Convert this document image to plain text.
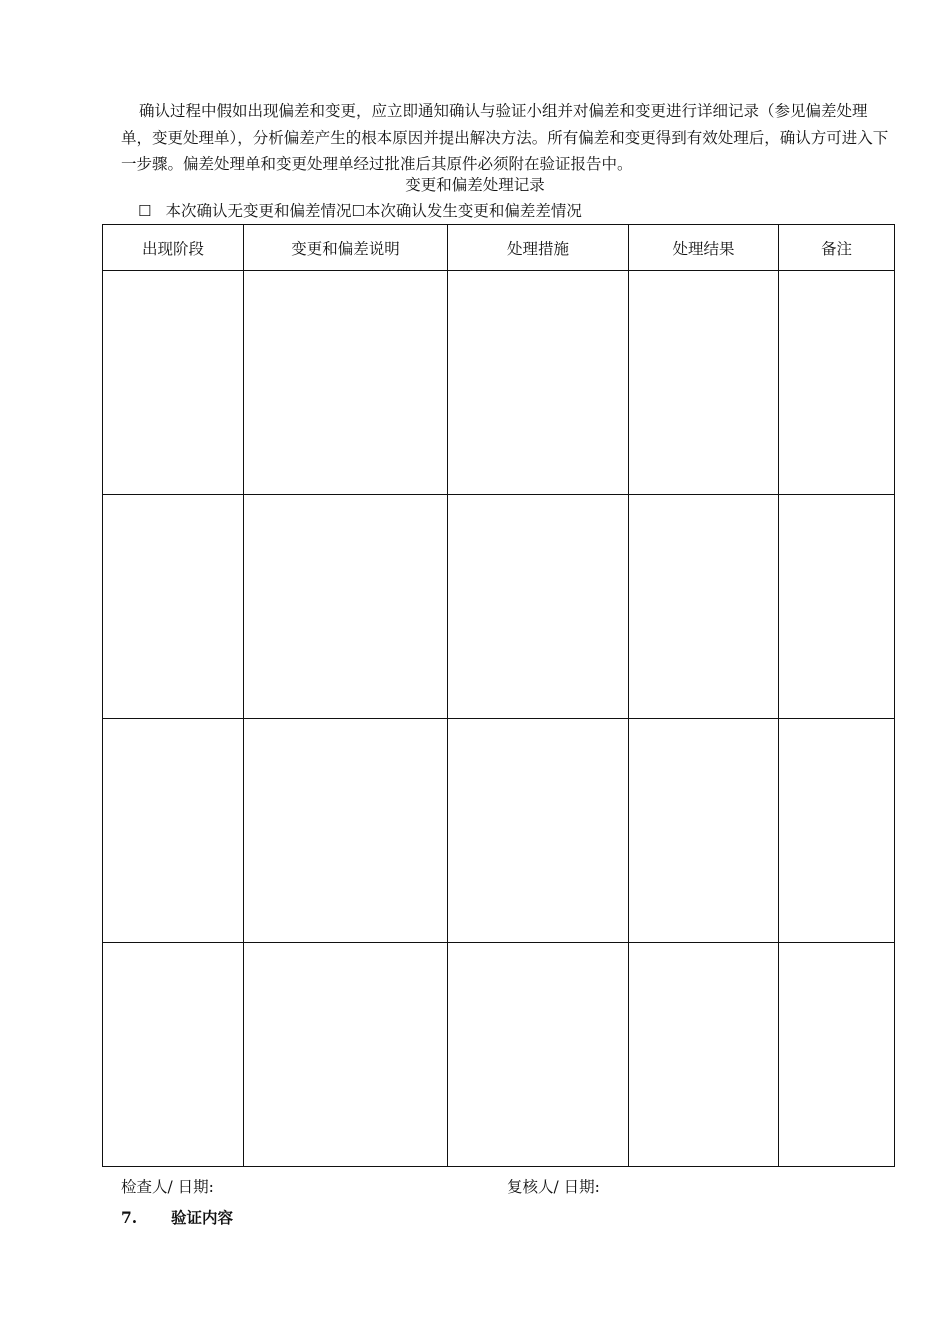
确认过程中假如出现偏差和变更，应立即通知确认与验证小组并对偏差和变更进行详细记录（参见偏差处理单，变更处理单），分析偏差产生的根本原因并提出解决方法。所有偏差和变更得到有效处理后，确认方可进入下一步骤。偏差处理单和变更处理单经过批准后其原件必须附在验证报告中。

变更和偏差处理记录
☐ 本次确认无变更和偏差情况☐本次确认发生变更和偏差差情况
出现阶段	变更和偏差说明	处理措施	处理结果	备注

检查人/ 日期:	复核人/ 日期:
7. 验证内容
